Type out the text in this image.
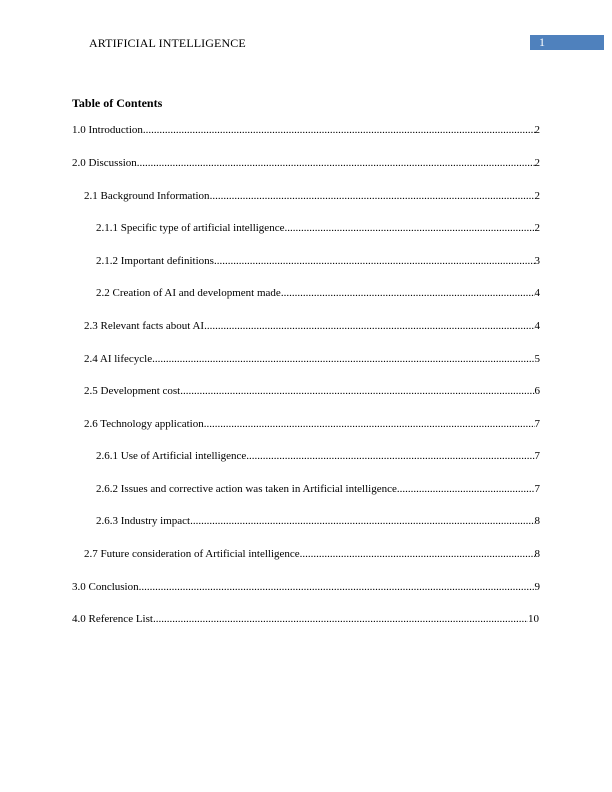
ARTIFICIAL INTELLIGENCE	1
Table of Contents
1.0 Introduction .....	2
2.0 Discussion .....	2
2.1 Background Information .....	2
2.1.1 Specific type of artificial intelligence .....	2
2.1.2 Important definitions .....	3
2.2 Creation of AI and development made .....	4
2.3 Relevant facts about AI .....	4
2.4 AI lifecycle .....	5
2.5 Development cost .....	6
2.6 Technology application .....	7
2.6.1 Use of Artificial intelligence .....	7
2.6.2 Issues and corrective action was taken in Artificial intelligence .....	7
2.6.3 Industry impact .....	8
2.7 Future consideration of Artificial intelligence .....	8
3.0 Conclusion .....	9
4.0 Reference List .....	10
